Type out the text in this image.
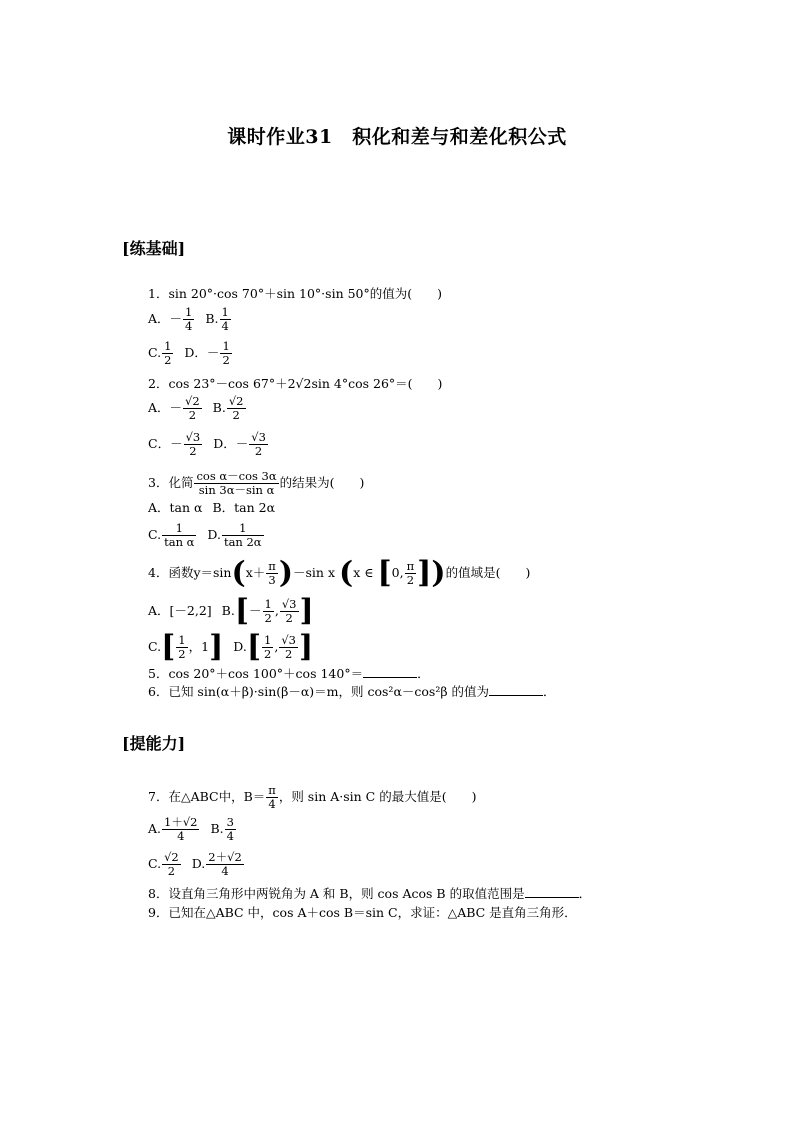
课时作业31　积化和差与和差化积公式
[练基础]
1．sin 20°·cos 70°＋sin 10°·sin 50°的值为(　　)
A．－ $\frac{1}{4} B$. $\frac{1}{4}$
C. $\frac{1}{2}$ D．－ $\frac{1}{2}$
2．cos 23°－cos 67°＋2√2sin 4°cos 26°＝(　　)
A．－ $\frac{√2}{2} B$. $\frac{√2}{2}$
C．－ $\frac{√3}{2}$ D．－ $\frac{√3}{2}$
3．化简 $\frac{\text{cos α－cos 3α}}{\text{sin 3α－sin α}}$ 的结果为(　　)
A．tan α B．tan 2α
C. $\frac{1}{\text{tan α}} D$. $\frac{1}{\tan 2\alpha}$
4．函数$y=\sin(x+ \frac{\pi}{3} )-\sin$ x (x ∈ [0, $\frac{\pi}{2}$ ])的值域是(　　)
A．[－2,2] $B.[- \frac{1}{2}$ , $\frac{√3}{2}$ ]
$C.[ \frac{1}{2}$ ，1] $D.[ \frac{1}{2}$ , $\frac{√3}{2}$ ]
5．cos 20°＋cos 100°＋cos 140°＝	．
6．已知 sin(α＋β)·sin(β－α)＝m，则 cos²α－cos²β 的值为	．
[提能力]
7．在△ABC中，$B= \frac{\pi}{4}$ ，则 sin A·sin C 的最大值是(　　)
A. $\frac{1+√2}{4} B$. $\frac{3}{4}$
C. $\frac{√2}{2} D$. $\frac{2+√2}{4}$
8．设直角三角形中两锐角为 A 和 B，则 cos Acos B 的取值范围是	．
9．已知在△ABC 中，cos A＋cos B＝sin C，求证：△ABC 是直角三角形．
